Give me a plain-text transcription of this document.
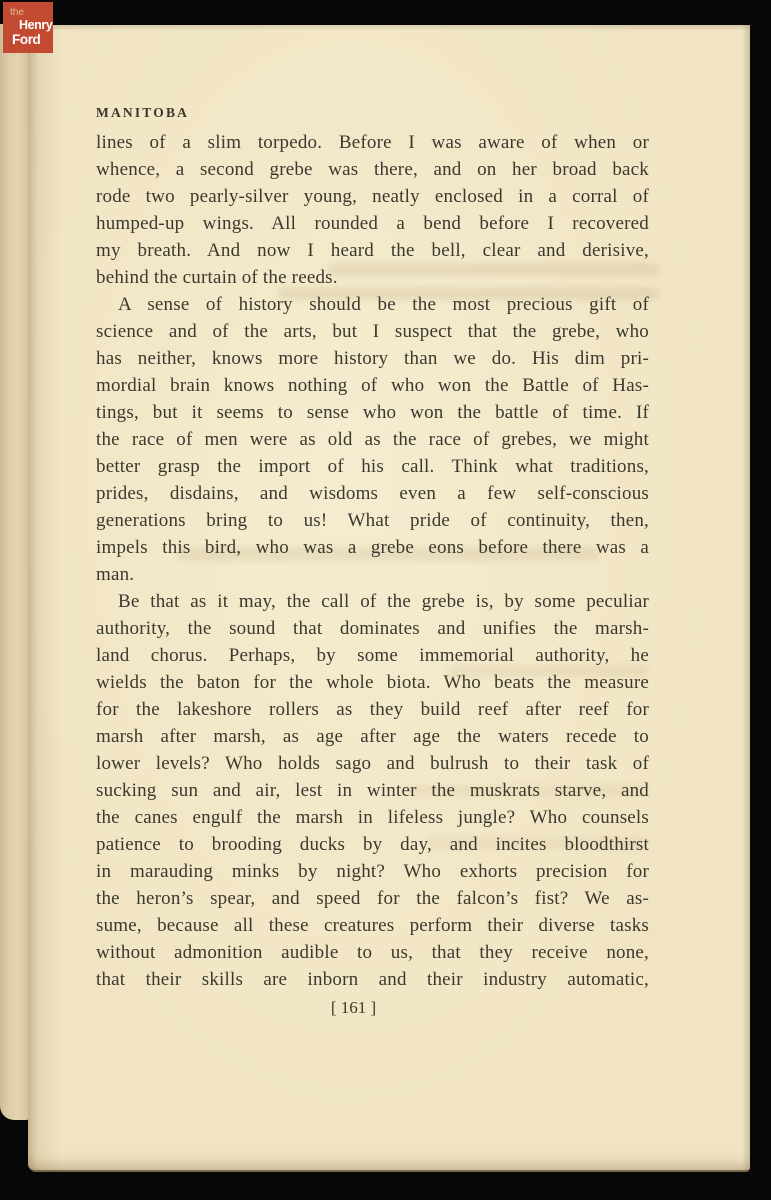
MANITOBA
lines of a slim torpedo. Before I was aware of when or
whence, a second grebe was there, and on her broad back
rode two pearly-silver young, neatly enclosed in a corral of
humped-up wings. All rounded a bend before I recovered
my breath. And now I heard the bell, clear and derisive,
behind the curtain of the reeds.
A sense of history should be the most precious gift of
science and of the arts, but I suspect that the grebe, who
has neither, knows more history than we do. His dim pri-
mordial brain knows nothing of who won the Battle of Has-
tings, but it seems to sense who won the battle of time. If
the race of men were as old as the race of grebes, we might
better grasp the import of his call. Think what traditions,
prides, disdains, and wisdoms even a few self-conscious
generations bring to us! What pride of continuity, then,
impels this bird, who was a grebe eons before there was a
man.
Be that as it may, the call of the grebe is, by some peculiar
authority, the sound that dominates and unifies the marsh-
land chorus. Perhaps, by some immemorial authority, he
wields the baton for the whole biota. Who beats the measure
for the lakeshore rollers as they build reef after reef for
marsh after marsh, as age after age the waters recede to
lower levels? Who holds sago and bulrush to their task of
sucking sun and air, lest in winter the muskrats starve, and
the canes engulf the marsh in lifeless jungle? Who counsels
patience to brooding ducks by day, and incites bloodthirst
in marauding minks by night? Who exhorts precision for
the heron’s spear, and speed for the falcon’s fist? We as-
sume, because all these creatures perform their diverse tasks
without admonition audible to us, that they receive none,
that their skills are inborn and their industry automatic,
[ 161 ]
the
Henry
Ford
